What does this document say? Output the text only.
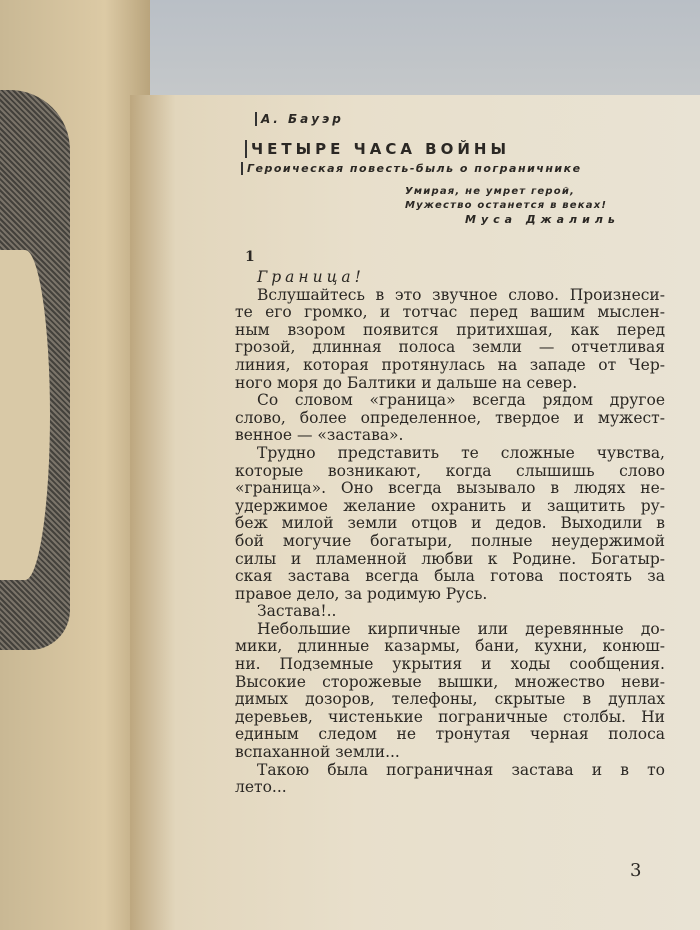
А. Бауэр
ЧЕТЫРЕ ЧАСА ВОЙНЫ
Героическая повесть-быль о пограничнике
Умирая, не умрет герой,
Мужество останется в веках!
Муса Джалиль
1
Граница!
Вслушайтесь в это звучное слово. Произнеси-
те его громко, и тотчас перед вашим мыслен-
ным взором появится притихшая, как перед
грозой, длинная полоса земли — отчетливая
линия, которая протянулась на западе от Чер-
ного моря до Балтики и дальше на север.
Со словом «граница» всегда рядом другое
слово, более определенное, твердое и мужест-
венное — «застава».
Трудно представить те сложные чувства,
которые возникают, когда слышишь слово
«граница». Оно всегда вызывало в людях не-
удержимое желание охранить и защитить ру-
беж милой земли отцов и дедов. Выходили в
бой могучие богатыри, полные неудержимой
силы и пламенной любви к Родине. Богатыр-
ская застава всегда была готова постоять за
правое дело, за родимую Русь.
Застава!..
Небольшие кирпичные или деревянные до-
мики, длинные казармы, бани, кухни, конюш-
ни. Подземные укрытия и ходы сообщения.
Высокие сторожевые вышки, множество неви-
димых дозоров, телефоны, скрытые в дуплах
деревьев, чистенькие пограничные столбы. Ни
единым следом не тронутая черная полоса
вспаханной земли...
Такою была пограничная застава и в то
лето...
3
